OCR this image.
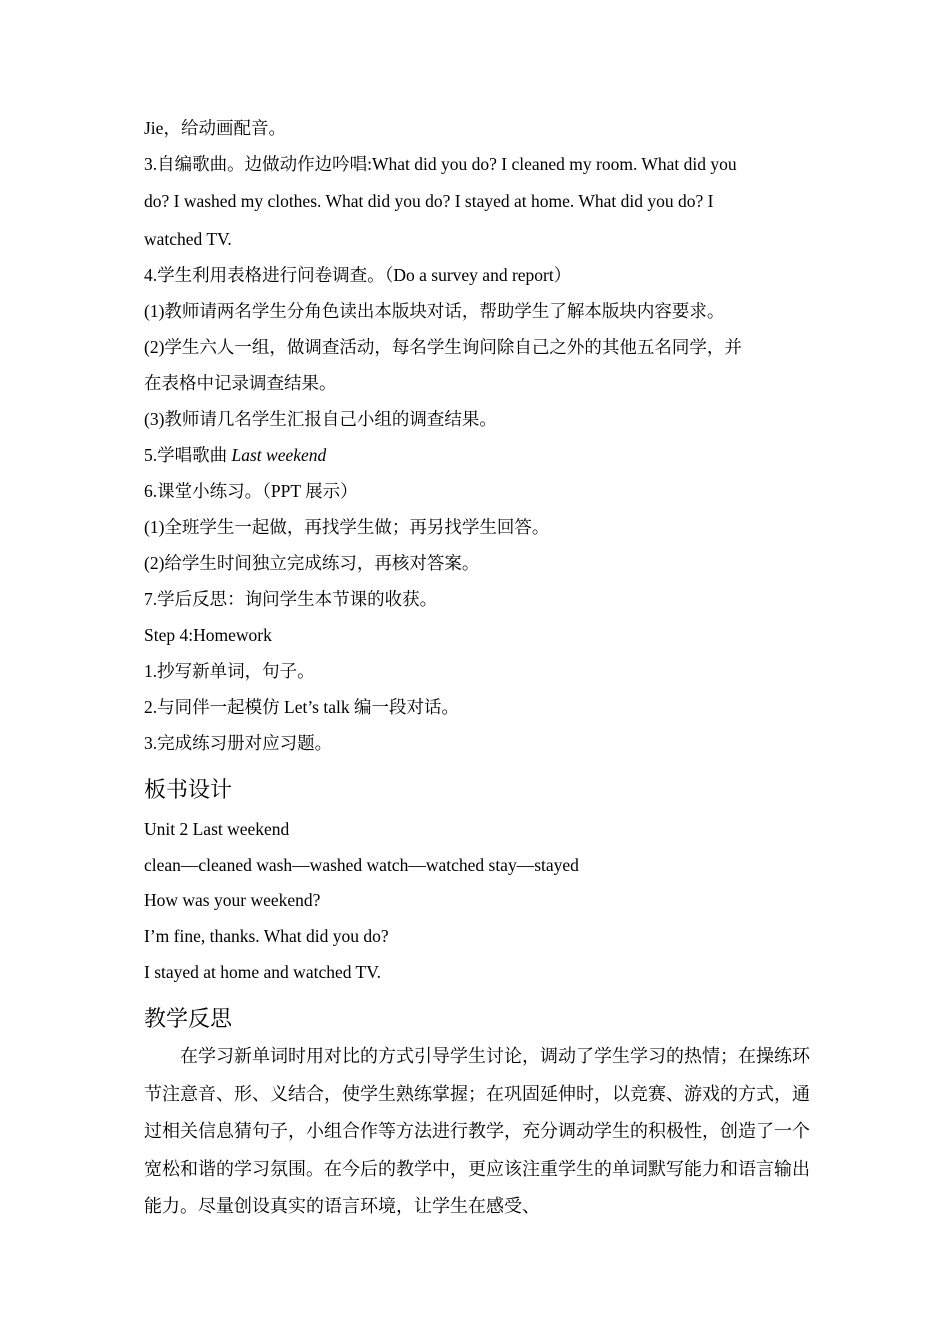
Jie，给动画配音。
3.自编歌曲。边做动作边吟唱:What did you do? I cleaned my room. What did you
do? I washed my clothes. What did you do? I stayed at home. What did you do? I
watched TV.
4.学生利用表格进行问卷调查。（Do a survey and report）
(1)教师请两名学生分角色读出本版块对话，帮助学生了解本版块内容要求。
(2)学生六人一组，做调查活动，每名学生询问除自己之外的其他五名同学，并
在表格中记录调查结果。
(3)教师请几名学生汇报自己小组的调查结果。
5.学唱歌曲 Last weekend
6.课堂小练习。（PPT 展示）
(1)全班学生一起做，再找学生做；再另找学生回答。
(2)给学生时间独立完成练习，再核对答案。
7.学后反思：询问学生本节课的收获。
Step 4:Homework
1.抄写新单词，句子。
2.与同伴一起模仿 Let’s talk 编一段对话。
3.完成练习册对应习题。
板书设计
Unit 2 Last weekend
clean—cleaned wash—washed watch—watched stay—stayed
How was your weekend?
I’m fine, thanks. What did you do?
I stayed at home and watched TV.
教学反思
在学习新单词时用对比的方式引导学生讨论，调动了学生学习的热情；在操练环节注意音、形、义结合，使学生熟练掌握；在巩固延伸时，以竞赛、游戏的方式，通过相关信息猜句子，小组合作等方法进行教学，充分调动学生的积极性，创造了一个宽松和谐的学习氛围。在今后的教学中，更应该注重学生的单词默写能力和语言输出能力。尽量创设真实的语言环境，让学生在感受、
